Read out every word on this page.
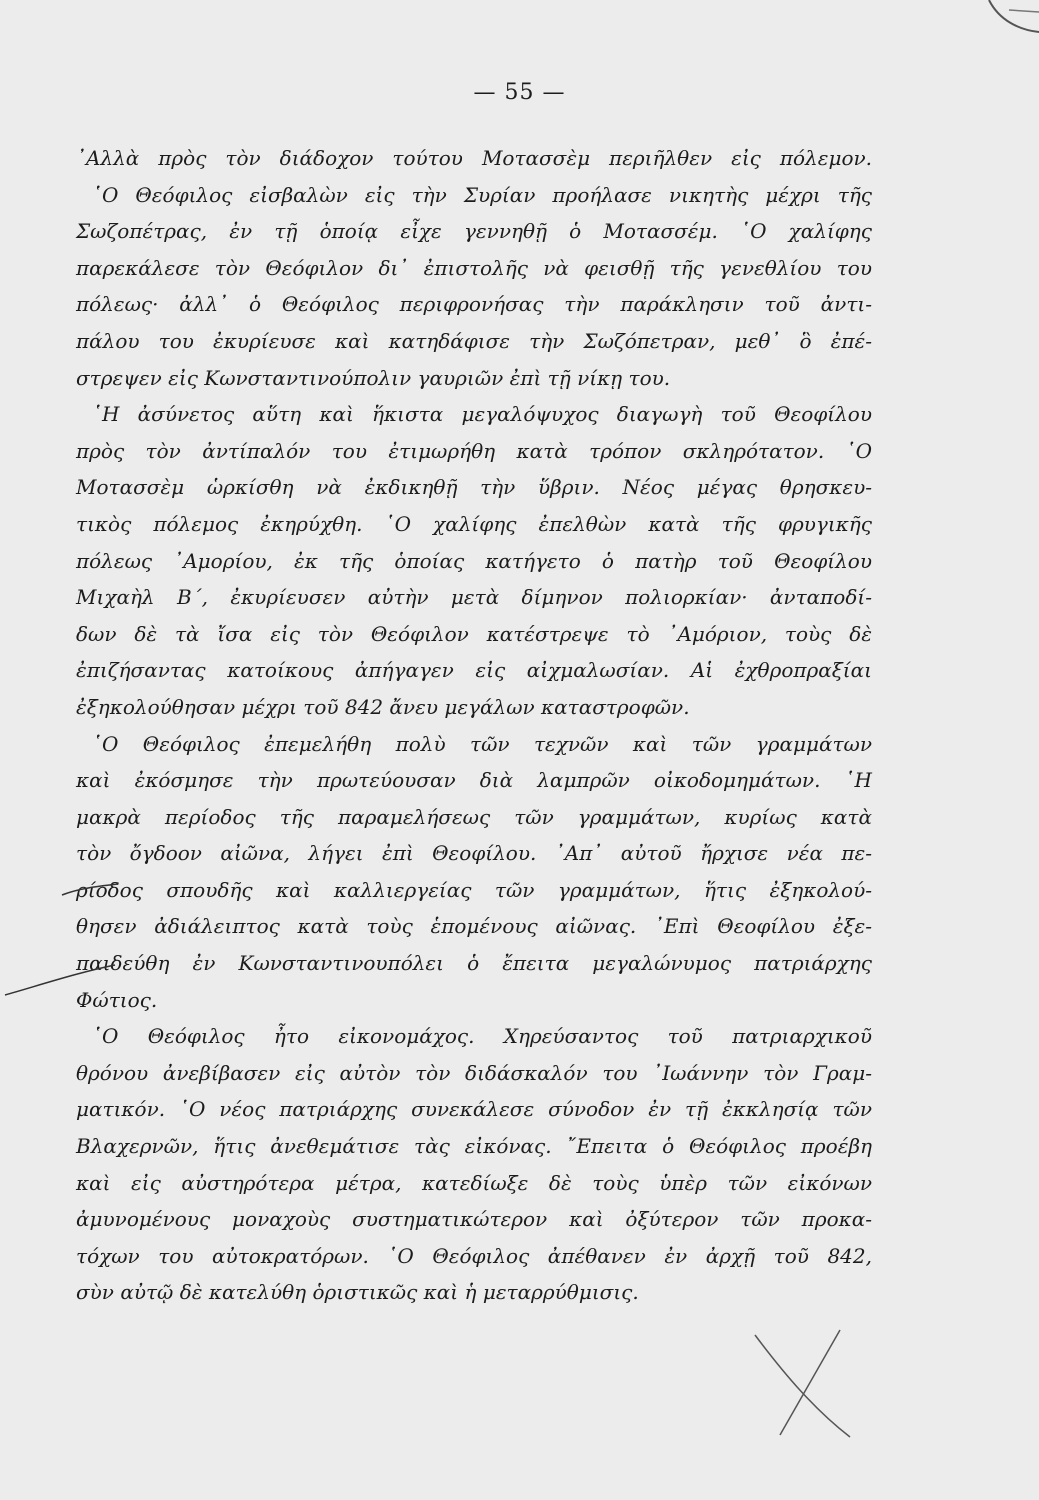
— 55 —
᾿Αλλὰ πρὸς τὸν διάδοχον τούτου Μοτασσὲμ περιῆλθεν εἰς πόλεμον.
῾Ο Θεόφιλος εἰσβαλὼν εἰς τὴν Συρίαν προήλασε νικητὴς μέχρι τῆς
Σωζοπέτρας, ἐν τῇ ὁποίᾳ εἶχε γεννηθῇ ὁ Μοτασσέμ. ῾Ο χαλίφης
παρεκάλεσε τὸν Θεόφιλον δι᾿ ἐπιστολῆς νὰ φεισθῇ τῆς γενεθλίου του
πόλεως· ἀλλ᾿ ὁ Θεόφιλος περιφρονήσας τὴν παράκλησιν τοῦ ἀντι-
πάλου του ἐκυρίευσε καὶ κατηδάφισε τὴν Σωζόπετραν, μεθ᾿ ὃ ἐπέ-
στρεψεν εἰς Κωνσταντινούπολιν γαυριῶν ἐπὶ τῇ νίκῃ του.
῾Η ἀσύνετος αὕτη καὶ ἥκιστα μεγαλόψυχος διαγωγὴ τοῦ Θεοφίλου
πρὸς τὸν ἀντίπαλόν του ἐτιμωρήθη κατὰ τρόπον σκληρότατον. ῾Ο
Μοτασσὲμ ὡρκίσθη νὰ ἐκδικηθῇ τὴν ὕβριν. Νέος μέγας θρησκευ-
τικὸς πόλεμος ἐκηρύχθη. ῾Ο χαλίφης ἐπελθὼν κατὰ τῆς φρυγικῆς
πόλεως ᾿Αμορίου, ἐκ τῆς ὁποίας κατήγετο ὁ πατὴρ τοῦ Θεοφίλου
Μιχαὴλ Β΄, ἐκυρίευσεν αὐτὴν μετὰ δίμηνον πολιορκίαν· ἀνταποδί-
δων δὲ τὰ ἴσα εἰς τὸν Θεόφιλον κατέστρεψε τὸ ᾿Αμόριον, τοὺς δὲ
ἐπιζήσαντας κατοίκους ἀπήγαγεν εἰς αἰχμαλωσίαν. Αἱ ἐχθροπραξίαι
ἐξηκολούθησαν μέχρι τοῦ 842 ἄνευ μεγάλων καταστροφῶν.
῾Ο Θεόφιλος ἐπεμελήθη πολὺ τῶν τεχνῶν καὶ τῶν γραμμάτων
καὶ ἐκόσμησε τὴν πρωτεύουσαν διὰ λαμπρῶν οἰκοδομημάτων. ῾Η
μακρὰ περίοδος τῆς παραμελήσεως τῶν γραμμάτων, κυρίως κατὰ
τὸν ὄγδοον αἰῶνα, λήγει ἐπὶ Θεοφίλου. ᾿Απ᾿ αὐτοῦ ἤρχισε νέα πε-
ρίοδος σπουδῆς καὶ καλλιεργείας τῶν γραμμάτων, ἥτις ἐξηκολού-
θησεν ἀδιάλειπτος κατὰ τοὺς ἑπομένους αἰῶνας. ᾿Επὶ Θεοφίλου ἐξε-
παιδεύθη ἐν Κωνσταντινουπόλει ὁ ἔπειτα μεγαλώνυμος πατριάρχης
Φώτιος.
῾Ο Θεόφιλος ἦτο εἰκονομάχος. Χηρεύσαντος τοῦ πατριαρχικοῦ
θρόνου ἀνεβίβασεν εἰς αὐτὸν τὸν διδάσκαλόν του ᾿Ιωάννην τὸν Γραμ-
ματικόν. ῾Ο νέος πατριάρχης συνεκάλεσε σύνοδον ἐν τῇ ἐκκλησίᾳ τῶν
Βλαχερνῶν, ἥτις ἀνεθεμάτισε τὰς εἰκόνας. ῎Επειτα ὁ Θεόφιλος προέβη
καὶ εἰς αὐστηρότερα μέτρα, κατεδίωξε δὲ τοὺς ὑπὲρ τῶν εἰκόνων
ἀμυνομένους μοναχοὺς συστηματικώτερον καὶ ὀξύτερον τῶν προκα-
τόχων του αὐτοκρατόρων. ῾Ο Θεόφιλος ἀπέθανεν ἐν ἀρχῇ τοῦ 842,
σὺν αὐτῷ δὲ κατελύθη ὁριστικῶς καὶ ἡ μεταρρύθμισις.
